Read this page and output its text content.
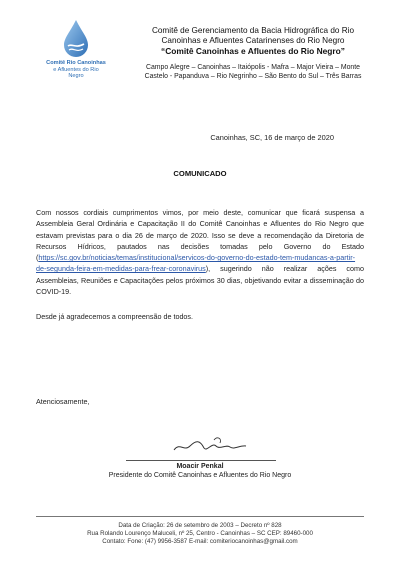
Comitê Rio Canoinhas
e Afluentes do Rio Negro
Comitê de Gerenciamento da Bacia Hidrográfica do Rio
Canoinhas e Afluentes Catarinenses do Rio Negro
“Comitê Canoinhas e Afluentes do Rio Negro”
Campo Alegre – Canoinhas – Itaiópolis - Mafra – Major Vieira – Monte
Castelo - Papanduva – Rio Negrinho – São Bento do Sul – Três Barras
Canoinhas, SC, 16 de março de 2020
COMUNICADO
Com nossos cordiais cumprimentos vimos, por meio deste, comunicar que ficará suspensa a Assembleia Geral Ordinária e Capacitação II do Comitê Canoinhas e Afluentes do Rio Negro que estavam previstas para o dia 26 de março de 2020. Isso se deve a recomendação da Diretoria de Recursos Hídricos, pautados nas decisões tomadas pelo Governo do Estado (https://sc.gov.br/noticias/temas/institucional/servicos-do-governo-do-estado-tem-mudancas-a-partir-de-segunda-feira-em-medidas-para-frear-coronavirus), sugerindo não realizar ações como Assembleias, Reuniões e Capacitações pelos próximos 30 dias, objetivando evitar a disseminação do COVID-19.
Desde já agradecemos a compreensão de todos.
Atenciosamente,
Moacir Penkal
Presidente do Comitê Canoinhas e Afluentes do Rio Negro
Data de Criação: 26 de setembro de 2003 – Decreto nº 828
Rua Rolando Lourenço Maluceli, nº 25, Centro - Canoinhas – SC CEP: 89460-000
Contato: Fone: (47) 9956-3587 E-mail: comiteriocanoinhas@gmail.com
